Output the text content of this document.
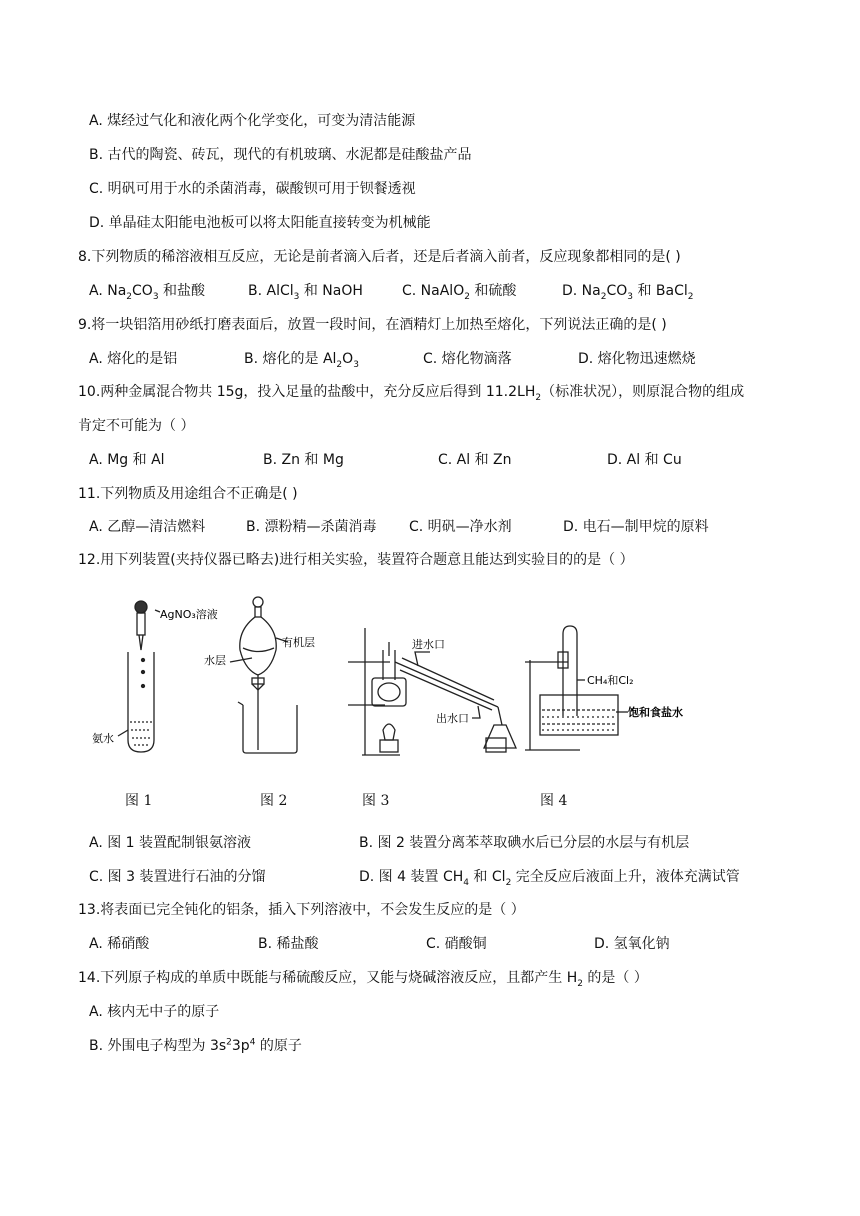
A. 煤经过气化和液化两个化学变化，可变为清洁能源
B. 古代的陶瓷、砖瓦，现代的有机玻璃、水泥都是硅酸盐产品
C. 明矾可用于水的杀菌消毒，碳酸钡可用于钡餐透视
D. 单晶硅太阳能电池板可以将太阳能直接转变为机械能
8.下列物质的稀溶液相互反应，无论是前者滴入后者，还是后者滴入前者，反应现象都相同的是( )
A. $Na_2CO_3$ 和盐酸	B. AlCl$_3$ 和 NaOH	C. NaAlO$_2$ 和硫酸	D. $Na_2CO_3$ 和 BaCl$_2$
9.将一块铝箔用砂纸打磨表面后，放置一段时间，在酒精灯上加热至熔化，下列说法正确的是( )
A. 熔化的是铝	B. 熔化的是 $Al_2O_3$	C. 熔化物滴落	D. 熔化物迅速燃烧
10.两种金属混合物共 15g，投入足量的盐酸中，充分反应后得到 $11.2LH_2$（标准状况），则原混合物的组成
肯定不可能为（ ）
A. Mg 和 Al	B. Zn 和 Mg	C. Al 和 Zn	D. Al 和 Cu
11.下列物质及用途组合不正确是( )
A. 乙醇—清洁燃料	B. 漂粉精—杀菌消毒 C. 明矾—净水剂	D. 电石—制甲烷的原料
12.用下列装置(夹持仪器已略去)进行相关实验，装置符合题意且能达到实验目的的是（ ）
AgNO₃溶液
氨水
水层
有机层	进水口
出水口
CH₄和Cl₂
饱和食盐水
图 1	图 2	图 3	图 4
A. 图 1 装置配制银氨溶液	B. 图 2 装置分离苯萃取碘水后已分层的水层与有机层
C. 图 3 装置进行石油的分馏	D. 图 4 装置 $CH_4$ 和 $Cl_2$ 完全反应后液面上升，液体充满试管
13.将表面已完全钝化的铝条，插入下列溶液中，不会发生反应的是（ ）
A. 稀硝酸	B. 稀盐酸	C. 硝酸铜	D. 氢氧化钠
14.下列原子构成的单质中既能与稀硫酸反应，又能与烧碱溶液反应，且都产生 $H_2$ 的是（ ）
A. 核内无中子的原子
B. 外围电子构型为 $3s^23p^4$ 的原子
